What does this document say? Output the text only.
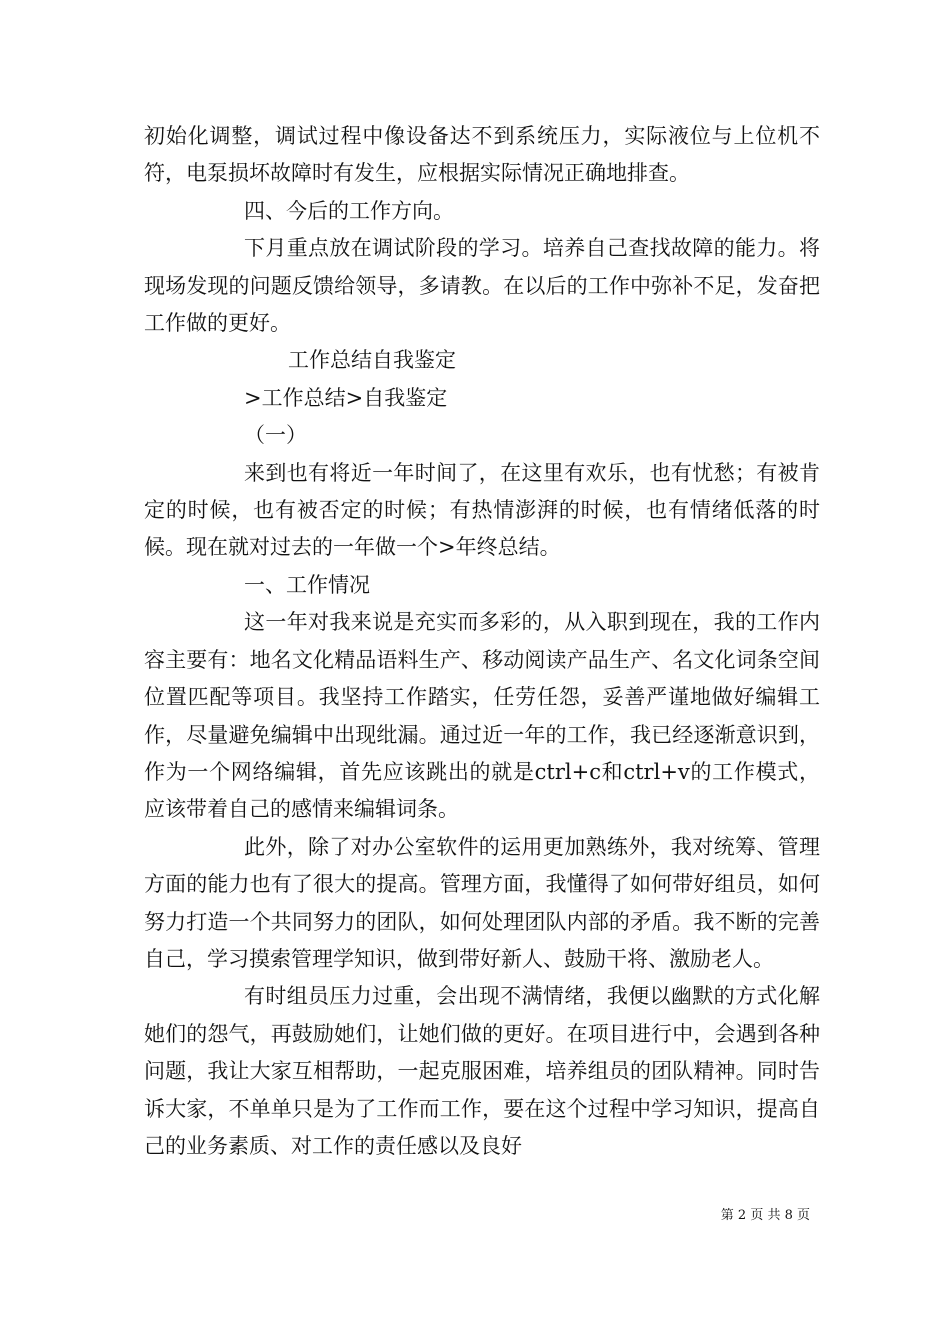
初始化调整，调试过程中像设备达不到系统压力，实际液位与上位机不符，电泵损坏故障时有发生，应根据实际情况正确地排查。

四、今后的工作方向。

下月重点放在调试阶段的学习。培养自己查找故障的能力。将现场发现的问题反馈给领导，多请教。在以后的工作中弥补不足，发奋把工作做的更好。

工作总结自我鉴定

>工作总结>自我鉴定

（一）

来到也有将近一年时间了，在这里有欢乐，也有忧愁；有被肯定的时候，也有被否定的时候；有热情澎湃的时候，也有情绪低落的时候。现在就对过去的一年做一个>年终总结。

一、工作情况

这一年对我来说是充实而多彩的，从入职到现在，我的工作内容主要有：地名文化精品语料生产、移动阅读产品生产、名文化词条空间位置匹配等项目。我坚持工作踏实，任劳任怨，妥善严谨地做好编辑工作，尽量避免编辑中出现纰漏。通过近一年的工作，我已经逐渐意识到，作为一个网络编辑，首先应该跳出的就是ctrl+c和ctrl+v的工作模式，应该带着自己的感情来编辑词条。

此外，除了对办公室软件的运用更加熟练外，我对统筹、管理方面的能力也有了很大的提高。管理方面，我懂得了如何带好组员，如何努力打造一个共同努力的团队，如何处理团队内部的矛盾。我不断的完善自己，学习摸索管理学知识，做到带好新人、鼓励干将、激励老人。

有时组员压力过重，会出现不满情绪，我便以幽默的方式化解她们的怨气，再鼓励她们，让她们做的更好。在项目进行中，会遇到各种问题，我让大家互相帮助，一起克服困难，培养组员的团队精神。同时告诉大家，不单单只是为了工作而工作，要在这个过程中学习知识，提高自己的业务素质、对工作的责任感以及良好

第 2 页 共 8 页
